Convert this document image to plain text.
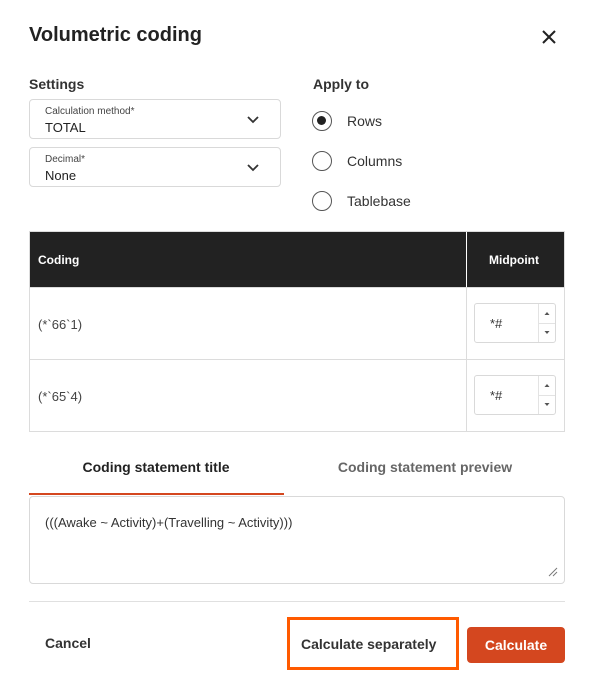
Volumetric coding
Settings
Calculation method*
TOTAL
Decimal*
None
Apply to
Rows
Columns
Tablebase
Coding	Midpoint
(*`66`1)	*#
(*`65`4)	*#
Coding statement title	Coding statement preview
(((Awake ~ Activity)+(Travelling ~ Activity)))
Cancel	Calculate separately	Calculate
